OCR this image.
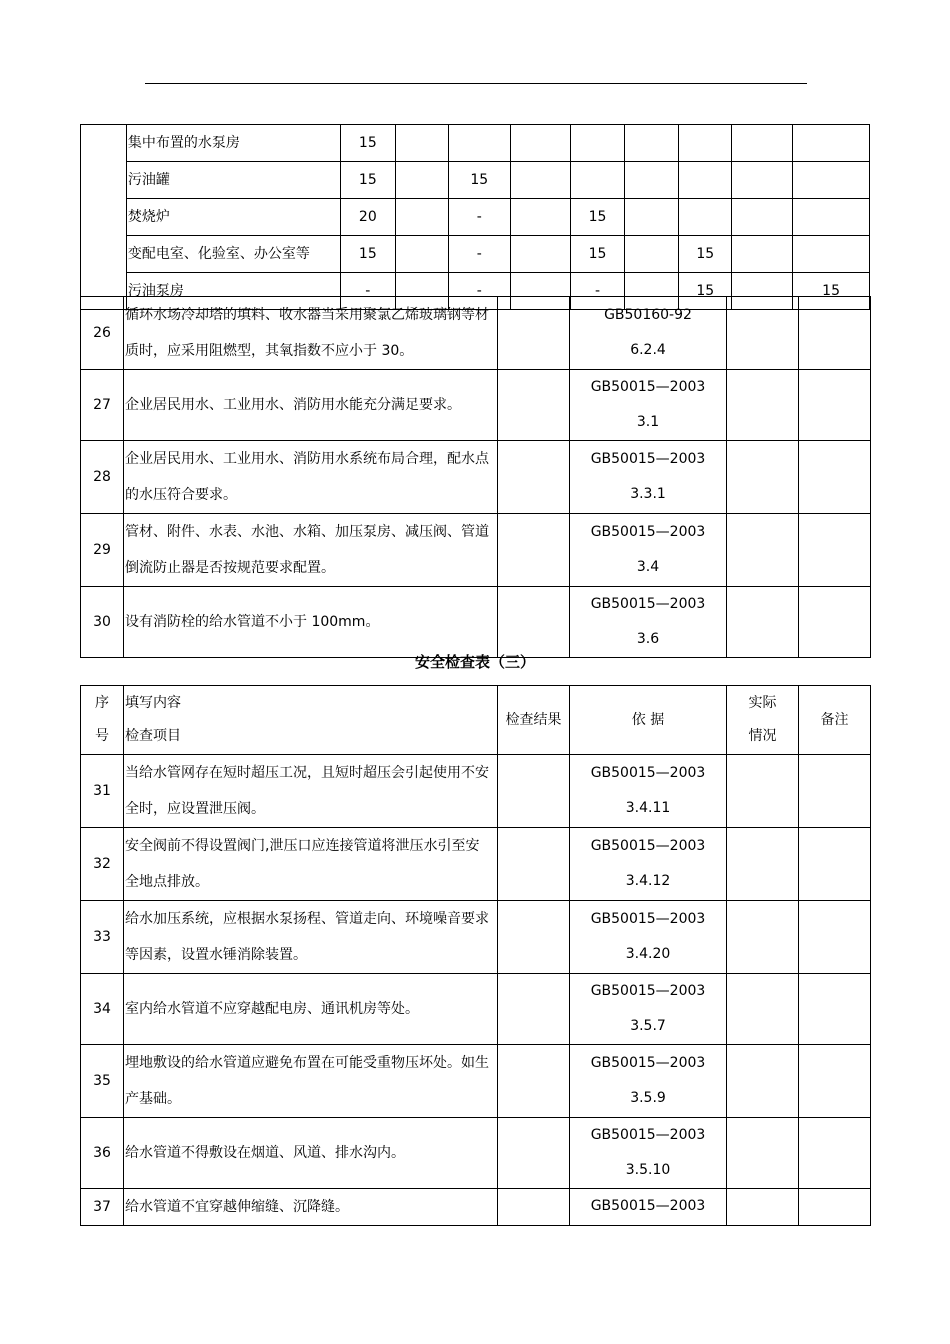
	集中布置的水泵房	15								
	污油罐	15		15						
	焚烧炉	20		-		15				
	变配电室、化验室、办公室等	15		-		15		15		
	污油泵房	-		-		-		15		15
26	循环水场冷却塔的填料、收水器当采用聚氯乙烯玻璃钢等材
质时，应采用阻燃型，其氧指数不应小于 30。		GB50160-92
6.2.4		

27	企业居民用水、工业用水、消防用水能充分满足要求。		GB50015—2003
3.1		

28	企业居民用水、工业用水、消防用水系统布局合理，配水点
的水压符合要求。		GB50015—2003
3.3.1		

29	管材、附件、水表、水池、水箱、加压泵房、减压阀、管道
倒流防止器是否按规范要求配置。		GB50015—2003
3.4		

30	设有消防栓的给水管道不小于 100mm。		GB50015—2003
3.6		

安全检查表（三）
序
号	填写内容
检查项目	检查结果	依 据	实际
情况	备注
31	当给水管网存在短时超压工况，且短时超压会引起使用不安
全时，应设置泄压阀。		GB50015—2003
3.4.11		

32	安全阀前不得设置阀门,泄压口应连接管道将泄压水引至安
全地点排放。		GB50015—2003
3.4.12		

33	给水加压系统，应根据水泵扬程、管道走向、环境噪音要求
等因素，设置水锤消除装置。		GB50015—2003
3.4.20		

34	室内给水管道不应穿越配电房、通讯机房等处。		GB50015—2003
3.5.7		

35	埋地敷设的给水管道应避免布置在可能受重物压坏处。如生
产基础。		GB50015—2003
3.5.9		

36	给水管道不得敷设在烟道、风道、排水沟内。		GB50015—2003
3.5.10		

37	给水管道不宜穿越伸缩缝、沉降缝。		GB50015—2003		
